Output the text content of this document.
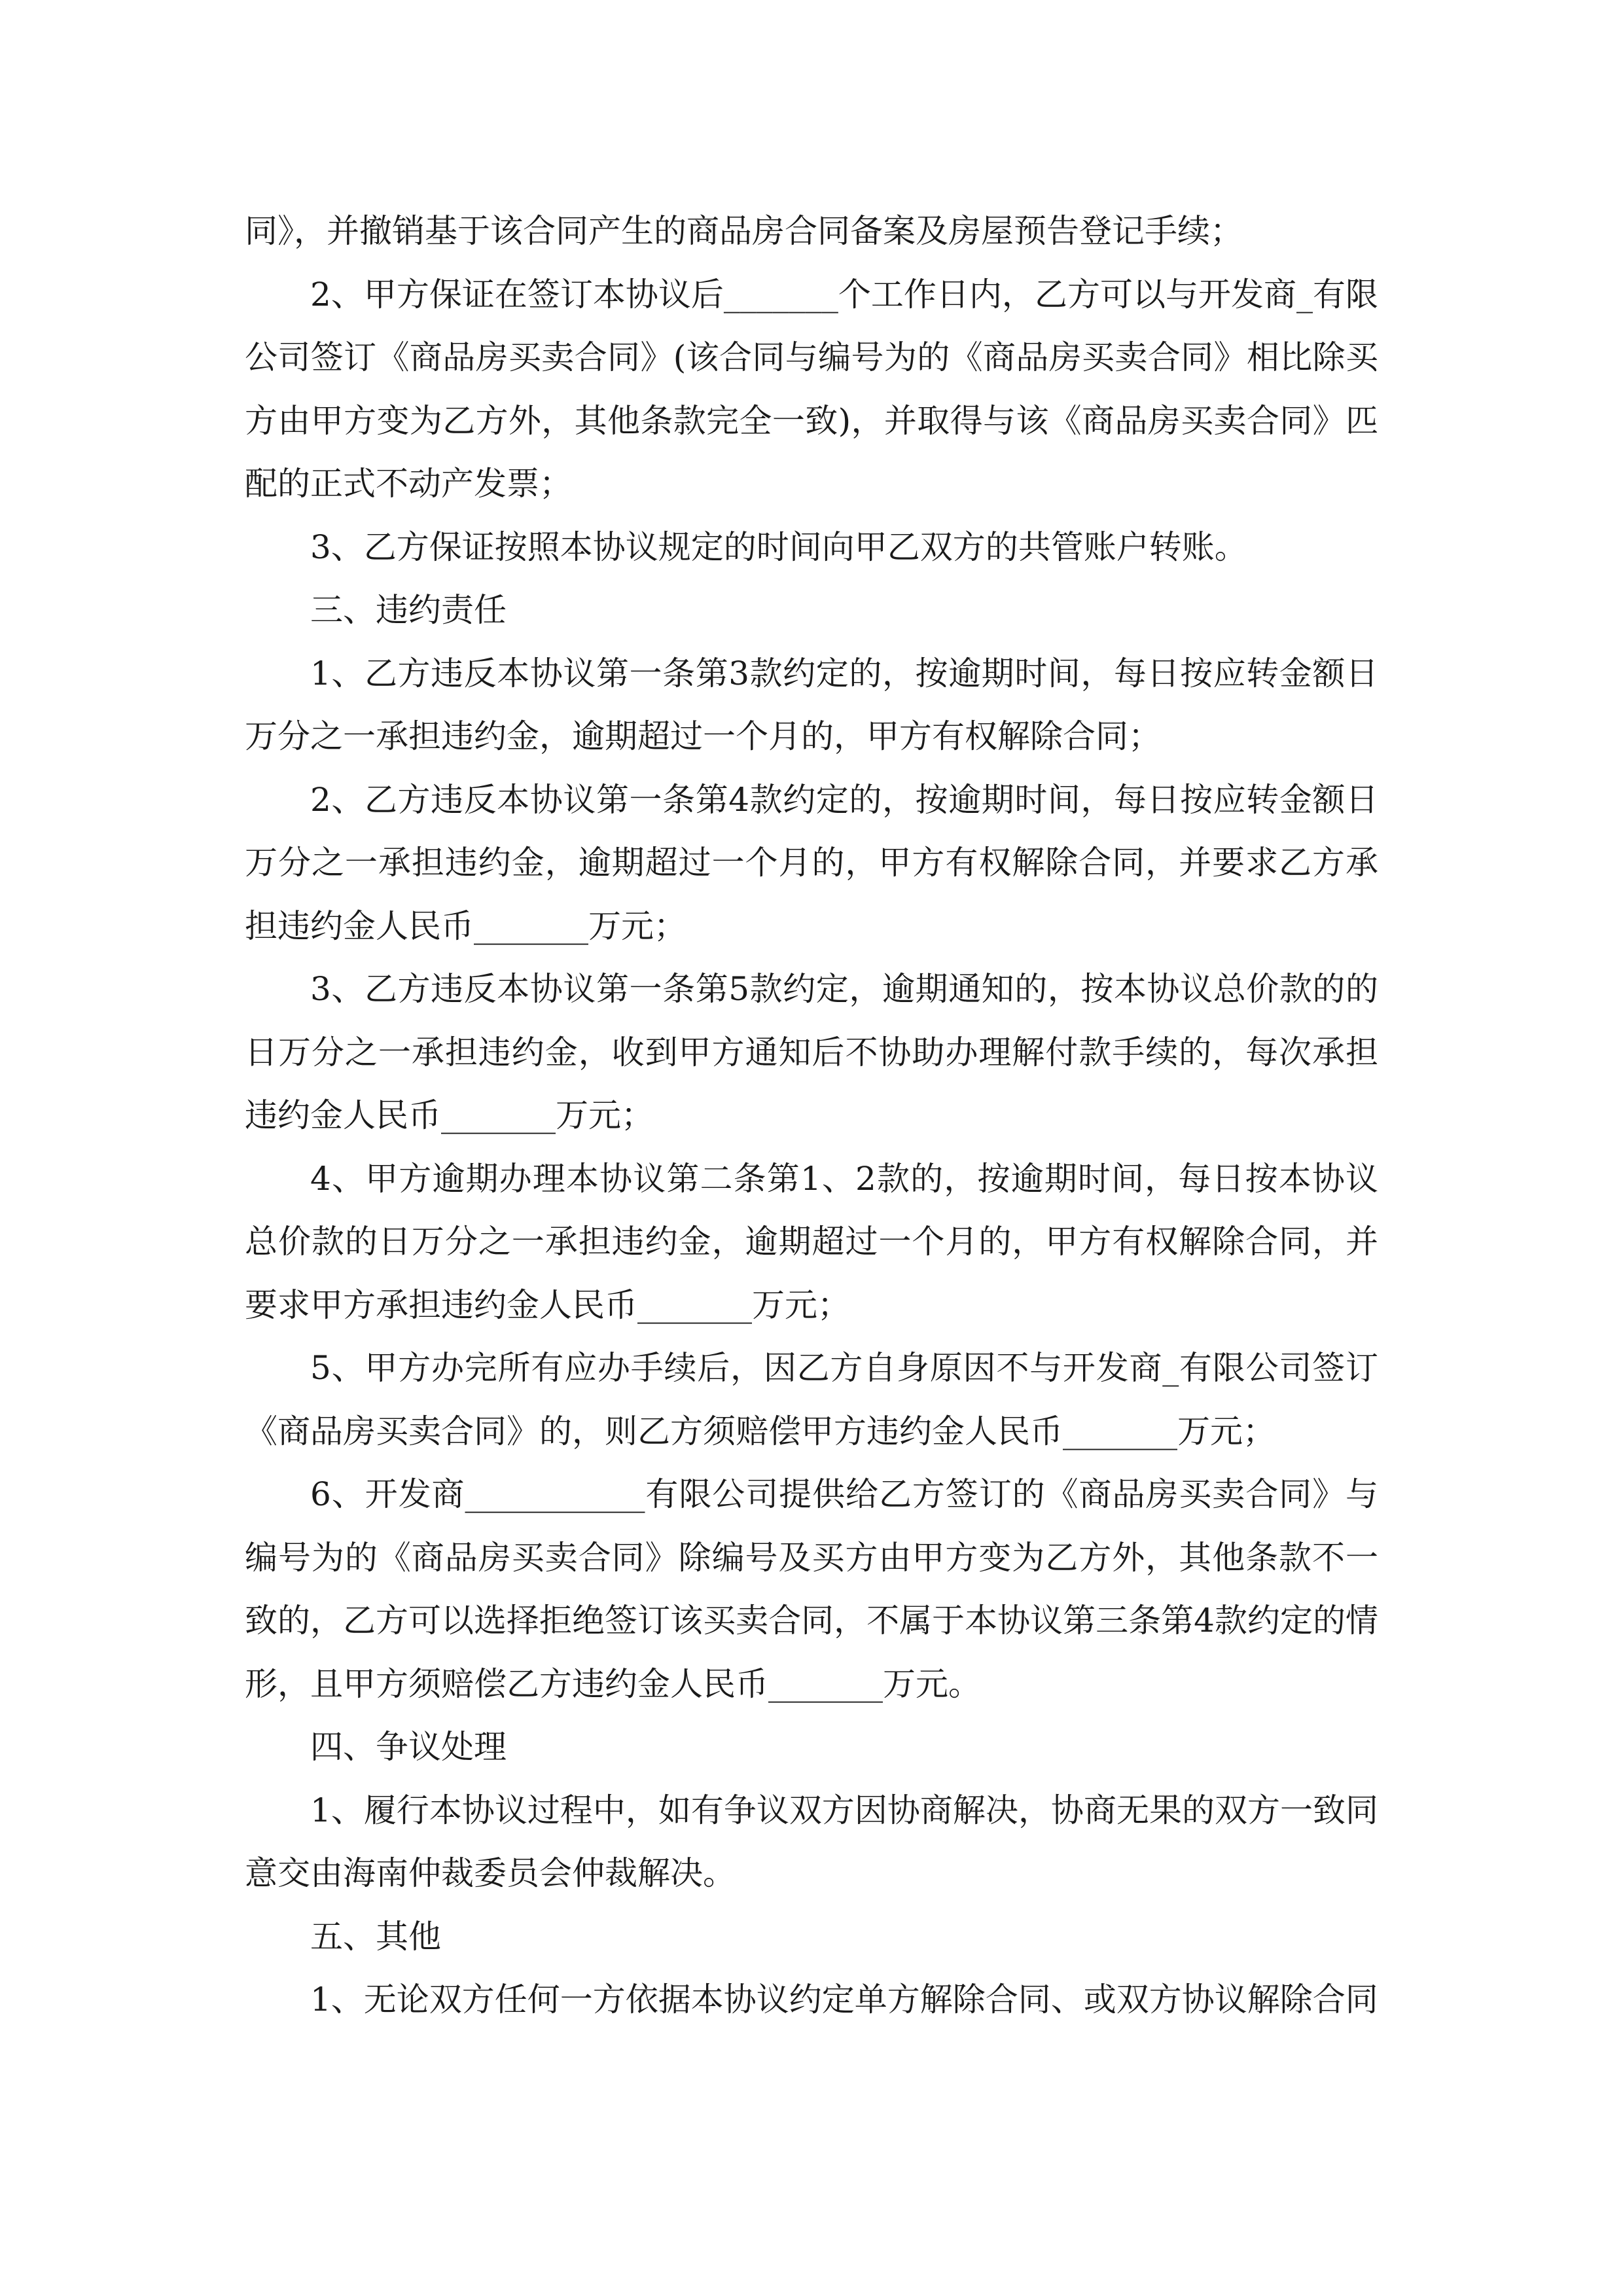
同》，并撤销基于该合同产生的商品房合同备案及房屋预告登记手续；

2、甲方保证在签订本协议后_______个工作日内，乙方可以与开发商_有限公司签订《商品房买卖合同》(该合同与编号为的《商品房买卖合同》相比除买方由甲方变为乙方外，其他条款完全一致)，并取得与该《商品房买卖合同》匹配的正式不动产发票；

3、乙方保证按照本协议规定的时间向甲乙双方的共管账户转账。

三、违约责任

1、乙方违反本协议第一条第3款约定的，按逾期时间，每日按应转金额日万分之一承担违约金，逾期超过一个月的，甲方有权解除合同；

2、乙方违反本协议第一条第4款约定的，按逾期时间，每日按应转金额日万分之一承担违约金，逾期超过一个月的，甲方有权解除合同，并要求乙方承担违约金人民币_______万元；

3、乙方违反本协议第一条第5款约定，逾期通知的，按本协议总价款的的日万分之一承担违约金，收到甲方通知后不协助办理解付款手续的，每次承担违约金人民币_______万元；

4、甲方逾期办理本协议第二条第1、2款的，按逾期时间，每日按本协议总价款的日万分之一承担违约金，逾期超过一个月的，甲方有权解除合同，并要求甲方承担违约金人民币_______万元；

5、甲方办完所有应办手续后，因乙方自身原因不与开发商_有限公司签订《商品房买卖合同》的，则乙方须赔偿甲方违约金人民币_______万元；

6、开发商___________有限公司提供给乙方签订的《商品房买卖合同》与编号为的《商品房买卖合同》除编号及买方由甲方变为乙方外，其他条款不一致的，乙方可以选择拒绝签订该买卖合同，不属于本协议第三条第4款约定的情形，且甲方须赔偿乙方违约金人民币_______万元。

四、争议处理

1、履行本协议过程中，如有争议双方因协商解决，协商无果的双方一致同意交由海南仲裁委员会仲裁解决。

五、其他

1、无论双方任何一方依据本协议约定单方解除合同、或双方协议解除合同
